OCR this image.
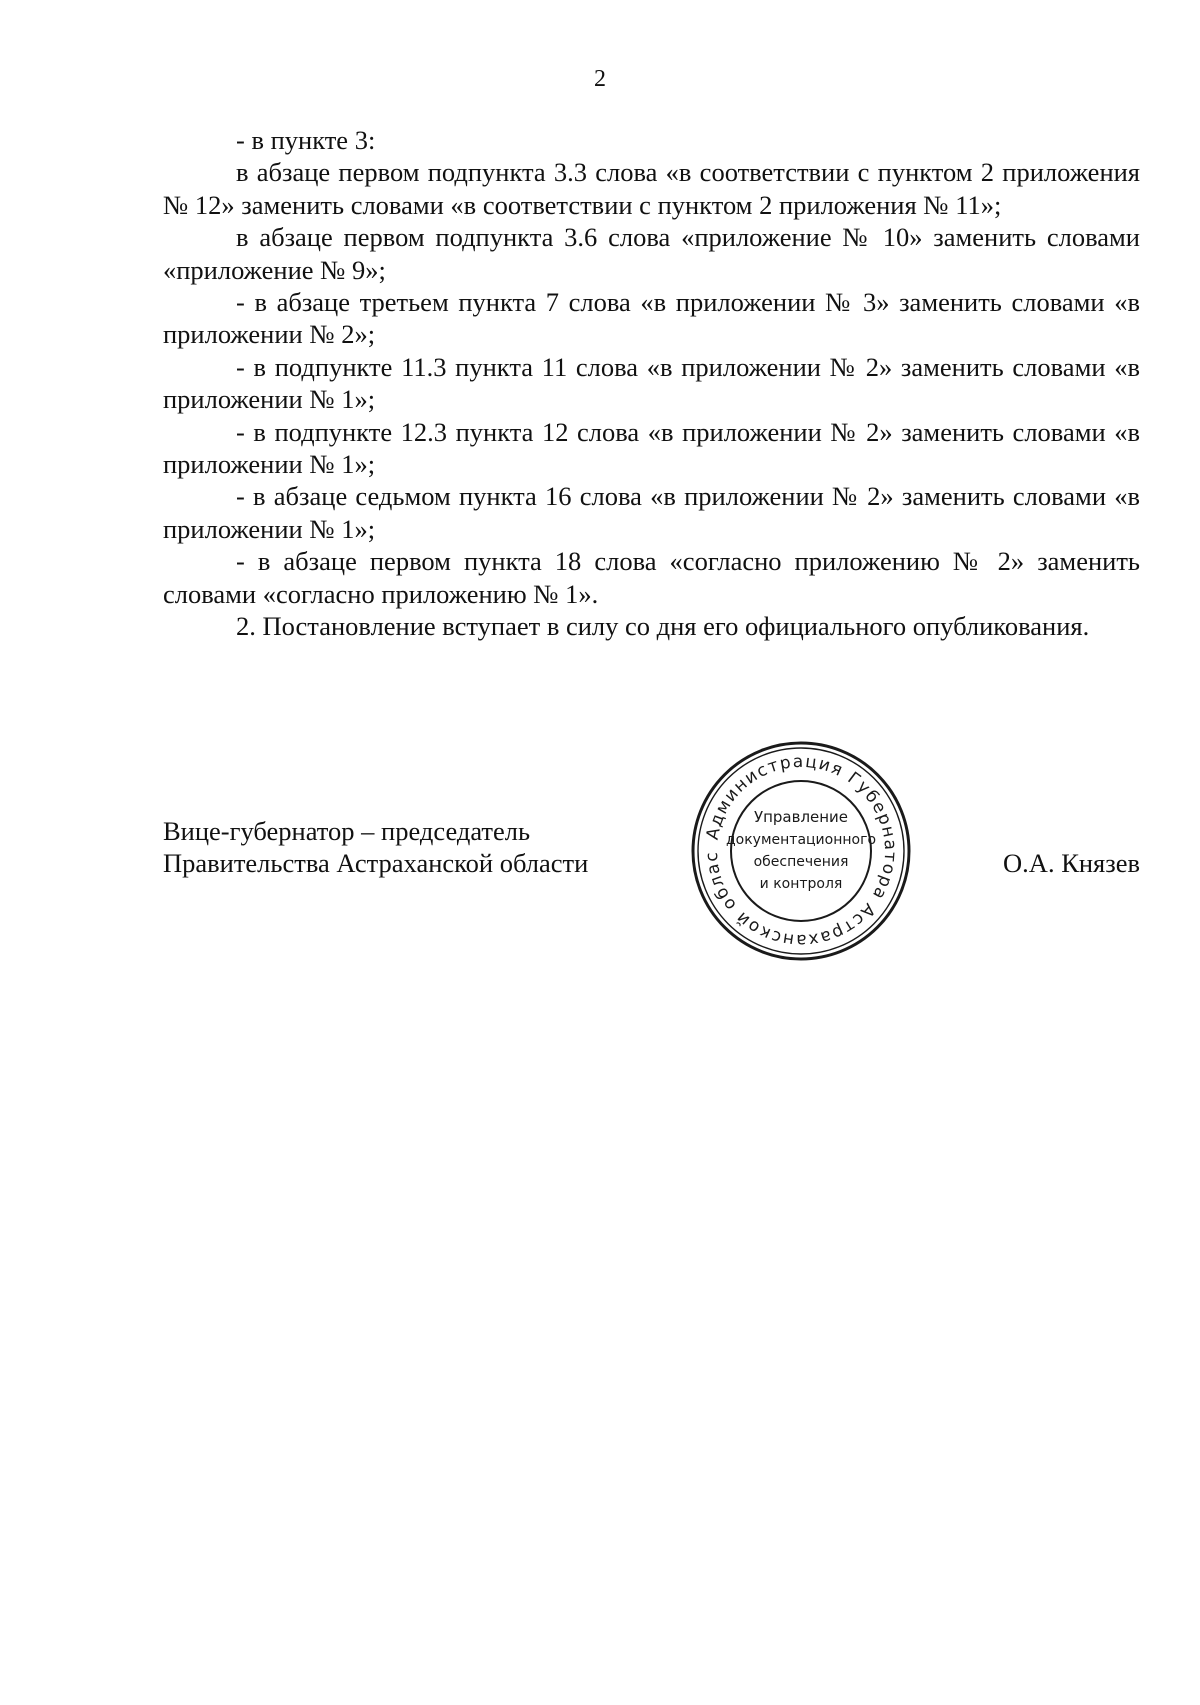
2

- в пункте 3:

в абзаце первом подпункта 3.3 слова «в соответствии с пунктом 2 приложения № 12» заменить словами «в соответствии с пунктом 2 приложения № 11»;

в абзаце первом подпункта 3.6 слова «приложение № 10» заменить словами «приложение № 9»;

- в абзаце третьем пункта 7 слова «в приложении № 3» заменить словами «в приложении № 2»;

- в подпункте 11.3 пункта 11 слова «в приложении № 2» заменить словами «в приложении № 1»;

- в подпункте 12.3 пункта 12 слова «в приложении № 2» заменить словами «в приложении № 1»;

- в абзаце седьмом пункта 16 слова «в приложении № 2» заменить словами «в приложении № 1»;

- в абзаце первом пункта 18 слова «согласно приложению № 2» заменить словами «согласно приложению № 1».

2. Постановление вступает в силу со дня его официального опубликования.

Вице-губернатор – председатель
Правительства Астраханской области	О.А. Князев
Администрация Губернатора Астраханской облас
Управление
документационного
обеспечения
и контроля
